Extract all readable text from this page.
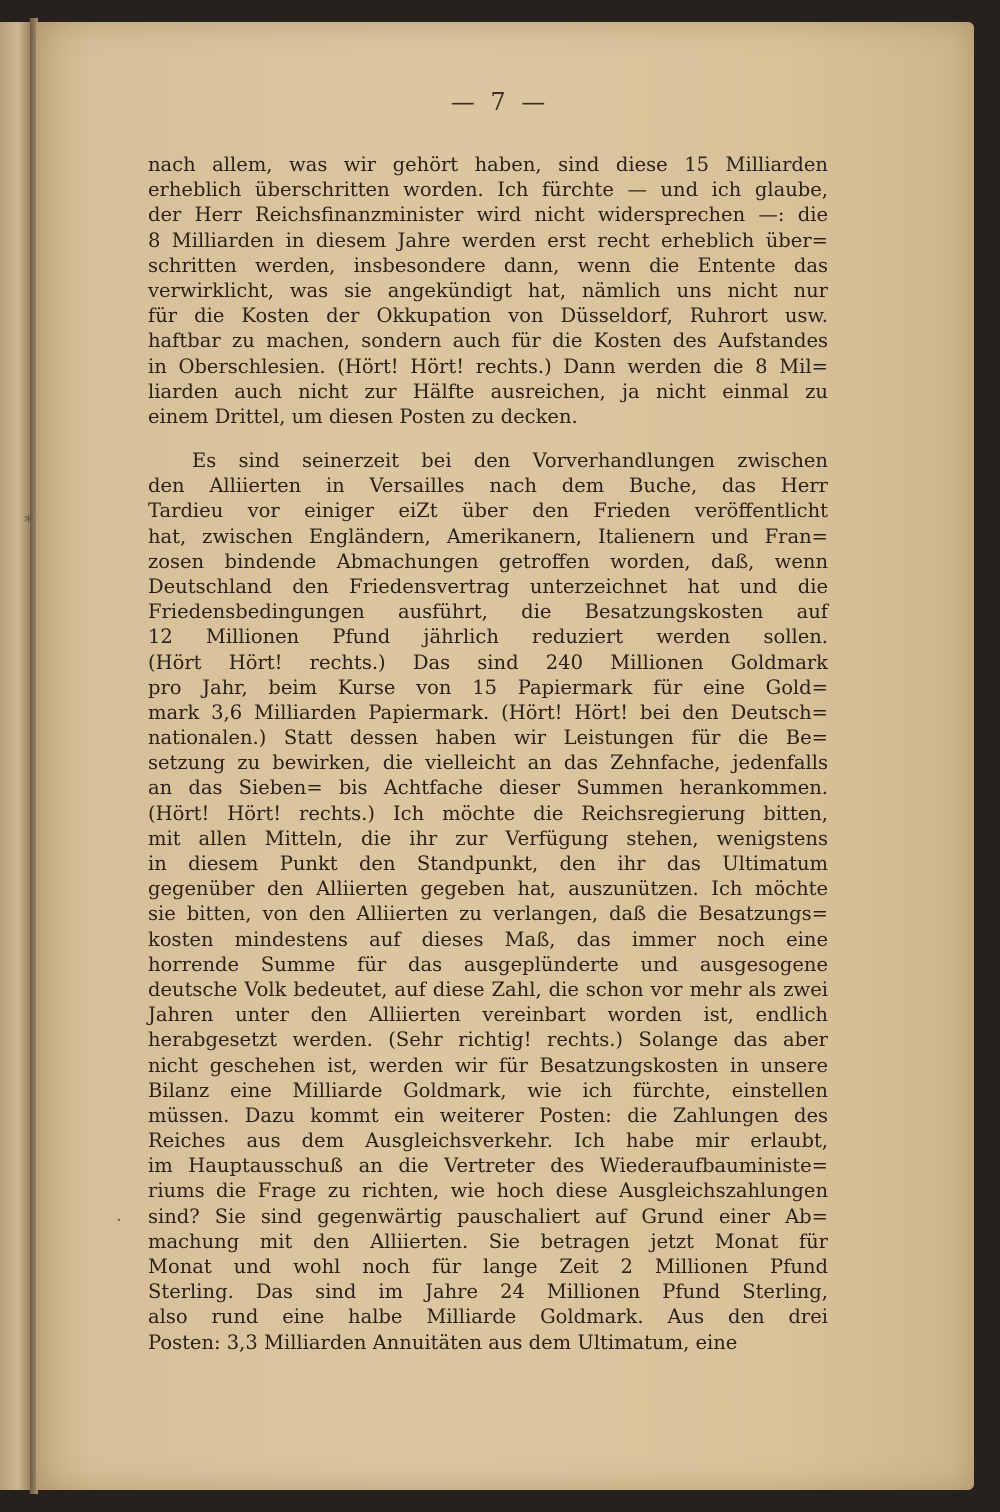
— 7 —
nach allem, was wir gehört haben, sind diese 15 Milliarden
erheblich überschritten worden. Ich fürchte — und ich glaube,
der Herr Reichsfinanzminister wird nicht widersprechen —: die
8 Milliarden in diesem Jahre werden erst recht erheblich über=
schritten werden, insbesondere dann, wenn die Entente das
verwirklicht, was sie angekündigt hat, nämlich uns nicht nur
für die Kosten der Okkupation von Düsseldorf, Ruhrort usw.
haftbar zu machen, sondern auch für die Kosten des Aufstandes
in Oberschlesien. (Hört! Hört! rechts.) Dann werden die 8 Mil=
liarden auch nicht zur Hälfte ausreichen, ja nicht einmal zu
einem Drittel, um diesen Posten zu decken.
Es sind seinerzeit bei den Vorverhandlungen zwischen
den Alliierten in Versailles nach dem Buche, das Herr
Tardieu vor einiger eiZt über den Frieden veröffentlicht
hat, zwischen Engländern, Amerikanern, Italienern und Fran=
zosen bindende Abmachungen getroffen worden, daß, wenn
Deutschland den Friedensvertrag unterzeichnet hat und die
Friedensbedingungen ausführt, die Besatzungskosten auf
12 Millionen Pfund jährlich reduziert werden sollen.
(Hört Hört! rechts.) Das sind 240 Millionen Goldmark
pro Jahr, beim Kurse von 15 Papiermark für eine Gold=
mark 3,6 Milliarden Papiermark. (Hört! Hört! bei den Deutsch=
nationalen.) Statt dessen haben wir Leistungen für die Be=
setzung zu bewirken, die vielleicht an das Zehnfache, jedenfalls
an das Sieben= bis Achtfache dieser Summen herankommen.
(Hört! Hört! rechts.) Ich möchte die Reichsregierung bitten,
mit allen Mitteln, die ihr zur Verfügung stehen, wenigstens
in diesem Punkt den Standpunkt, den ihr das Ultimatum
gegenüber den Alliierten gegeben hat, auszunützen. Ich möchte
sie bitten, von den Alliierten zu verlangen, daß die Besatzungs=
kosten mindestens auf dieses Maß, das immer noch eine
horrende Summe für das ausgeplünderte und ausgesogene
deutsche Volk bedeutet, auf diese Zahl, die schon vor mehr als zwei
Jahren unter den Alliierten vereinbart worden ist, endlich
herabgesetzt werden. (Sehr richtig! rechts.) Solange das aber
nicht geschehen ist, werden wir für Besatzungskosten in unsere
Bilanz eine Milliarde Goldmark, wie ich fürchte, einstellen
müssen. Dazu kommt ein weiterer Posten: die Zahlungen des
Reiches aus dem Ausgleichsverkehr. Ich habe mir erlaubt,
im Hauptausschuß an die Vertreter des Wiederaufbauministe=
riums die Frage zu richten, wie hoch diese Ausgleichszahlungen
sind? Sie sind gegenwärtig pauschaliert auf Grund einer Ab=
machung mit den Alliierten. Sie betragen jetzt Monat für
Monat und wohl noch für lange Zeit 2 Millionen Pfund
Sterling. Das sind im Jahre 24 Millionen Pfund Sterling,
also rund eine halbe Milliarde Goldmark. Aus den drei
Posten: 3,3 Milliarden Annuitäten aus dem Ultimatum, eine
*
·
